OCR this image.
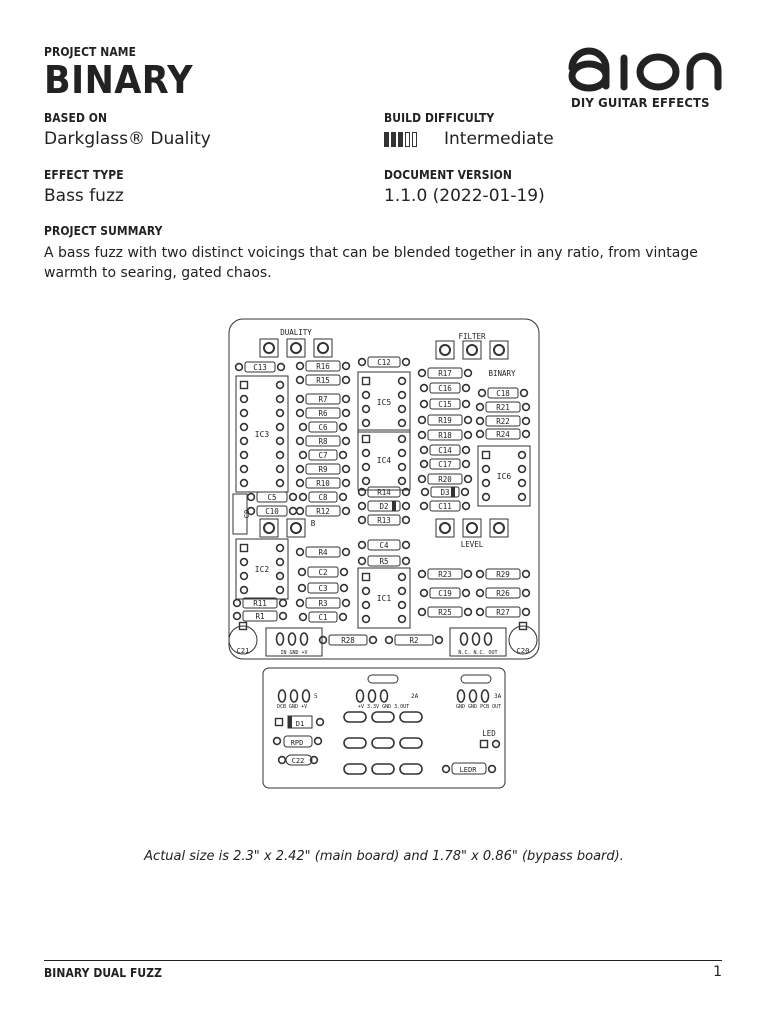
PROJECT NAME
BINARY
DIY GUITAR EFFECTS
BASED ON
Darkglass® Duality
BUILD DIFFICULTY
Intermediate
EFFECT TYPE
Bass fuzz
DOCUMENT VERSION
1.1.0 (2022-01-19)
PROJECT SUMMARY
A bass fuzz with two distinct voicings that can be blended together in any ratio, from vintage warmth to searing, gated chaos.
DUALITY	FILTER
BINARY
LEVEL
B
C13	R16
R15
C12
R17
C16
C15
R7
R6
C6
R8
C7
R9
R10
C8
C5
C10
C9	R12
R14
D2
R13
R19
R18
C14
C17
R20
D3
C11
C18
R21
R22
R24
R4
C2
C3
R3
C1
R11
R1
C4
R5
R23
C19
R25
R29
R26
R27
R28	R2
IC3
IC5
IC4
IC6
IC2
IC1
C21	C20
IN GND +V	N.C. N.C. OUT
DCB GND +V
5
+V 3.3V GND 3.OUT
2A
GND GND PCB OUT
3A
LED
D1
RPD
C22
LEDR
Actual size is 2.3" x 2.42" (main board) and 1.78" x 0.86" (bypass board).
BINARY DUAL FUZZ	1
